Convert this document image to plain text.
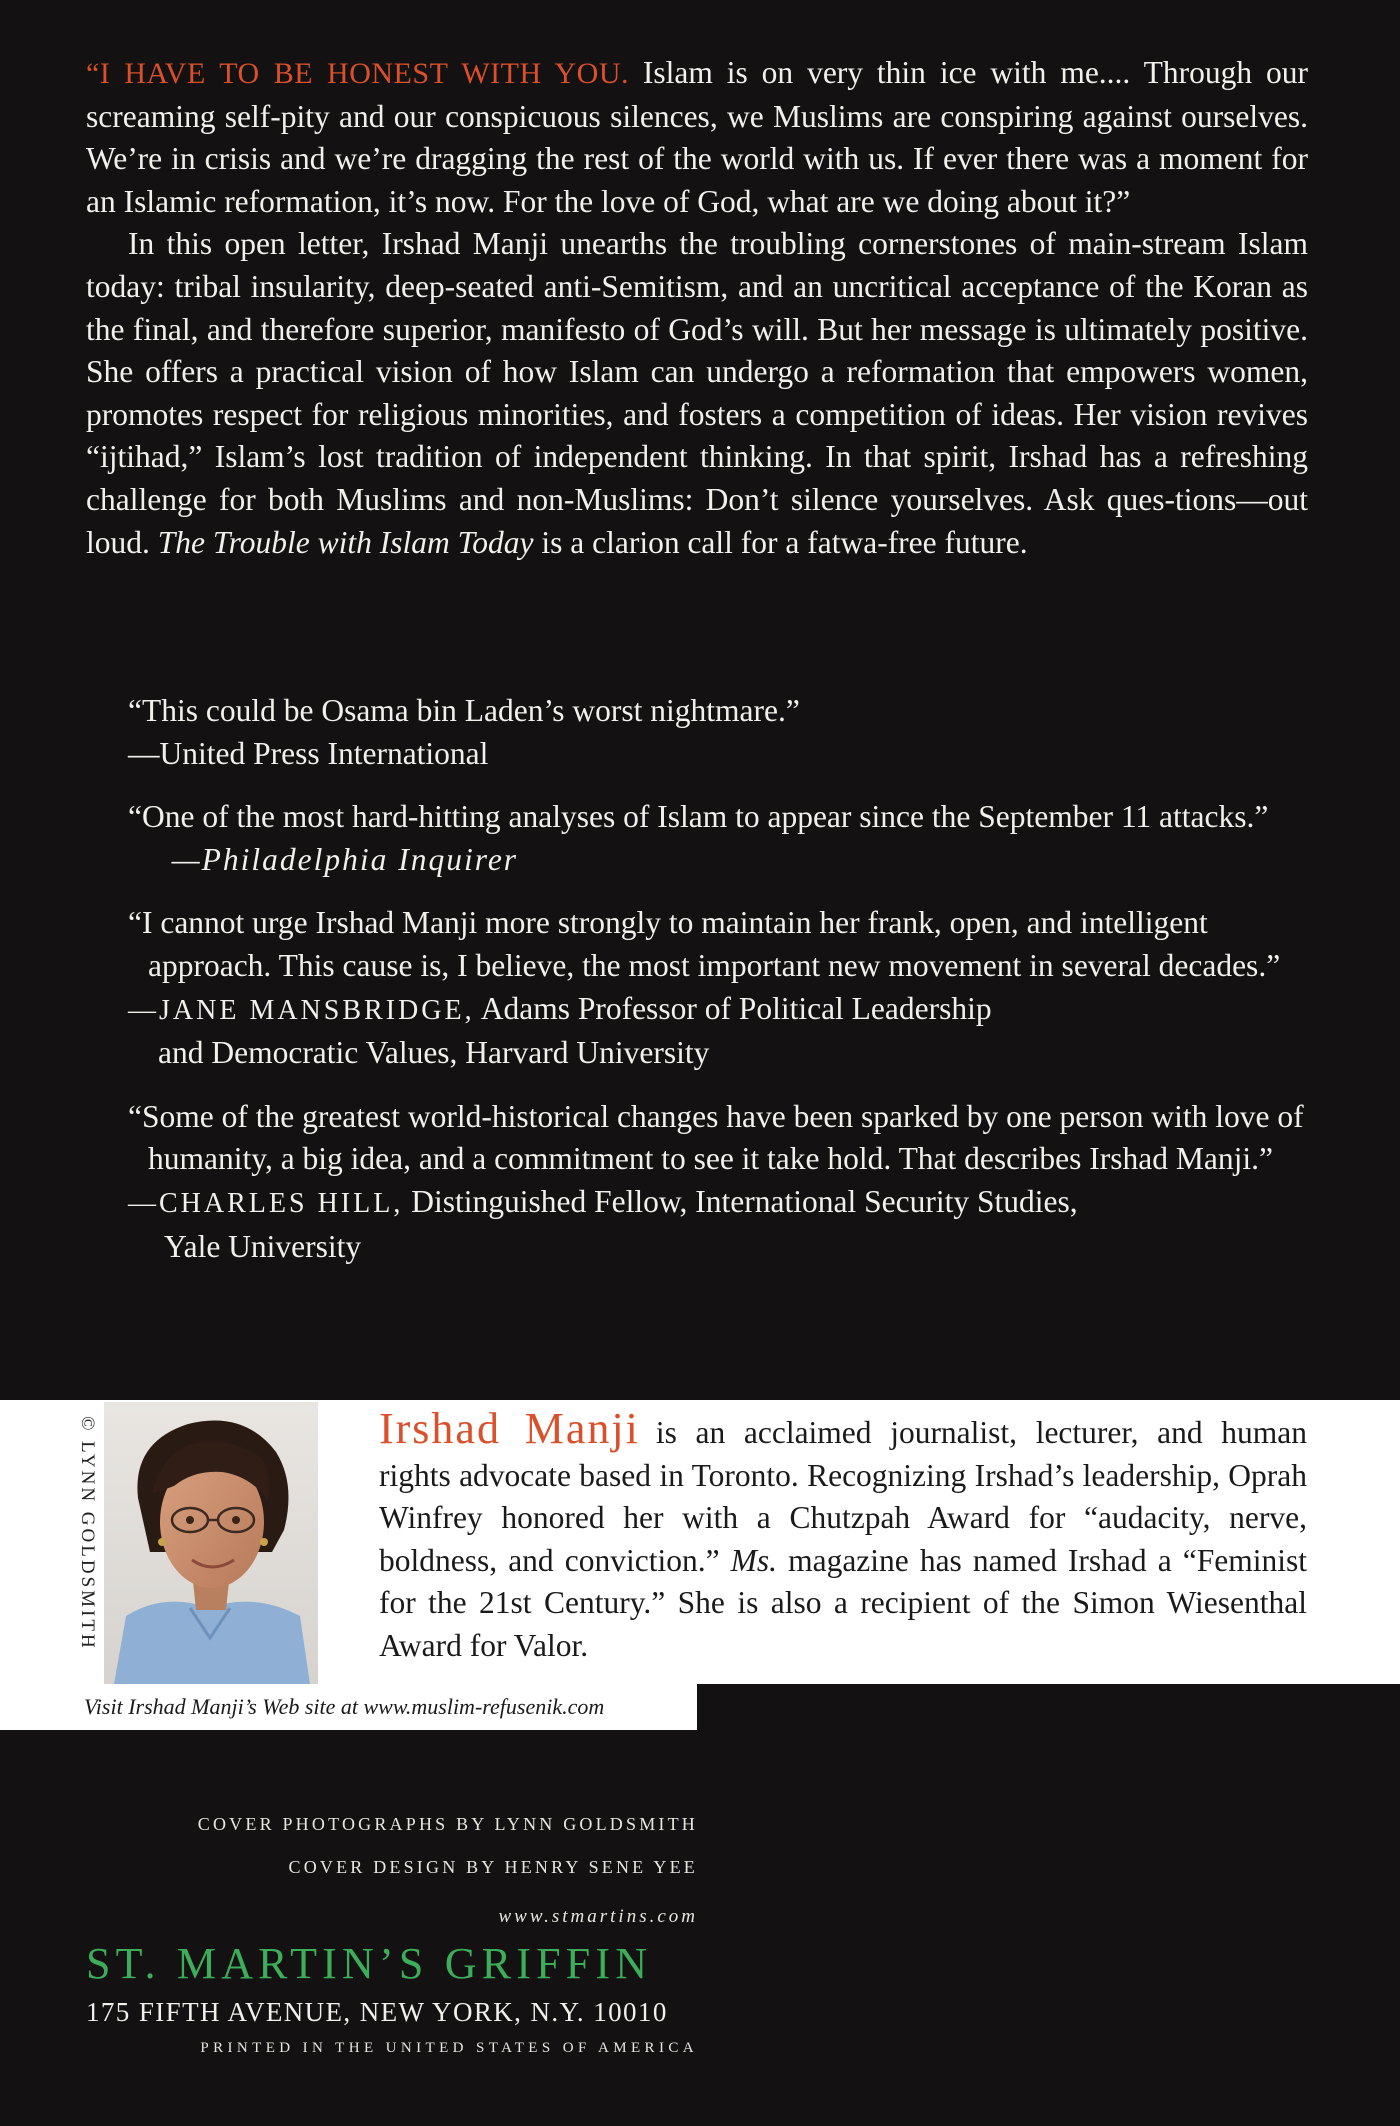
“I HAVE TO BE HONEST WITH YOU. Islam is on very thin ice with me.... Through our screaming self-pity and our conspicuous silences, we Muslims are conspiring against ourselves. We’re in crisis and we’re dragging the rest of the world with us. If ever there was a moment for an Islamic reformation, it’s now. For the love of God, what are we doing about it?”

In this open letter, Irshad Manji unearths the troubling cornerstones of main-stream Islam today: tribal insularity, deep-seated anti-Semitism, and an uncritical acceptance of the Koran as the final, and therefore superior, manifesto of God’s will. But her message is ultimately positive. She offers a practical vision of how Islam can undergo a reformation that empowers women, promotes respect for religious minorities, and fosters a competition of ideas. Her vision revives “ijtihad,” Islam’s lost tradition of independent thinking. In that spirit, Irshad has a refreshing challenge for both Muslims and non-Muslims: Don’t silence yourselves. Ask ques-tions—out loud. The Trouble with Islam Today is a clarion call for a fatwa-free future.

“This could be Osama bin Laden’s worst nightmare.”
—United Press International
“One of the most hard-hitting analyses of Islam to appear since the September 11 attacks.”    —Philadelphia Inquirer
“I cannot urge Irshad Manji more strongly to maintain her frank, open, and intelligent approach. This cause is, I believe, the most important new movement in several decades.”
—JANE MANSBRIDGE, Adams Professor of Political Leadership
and Democratic Values, Harvard University
“Some of the greatest world-historical changes have been sparked by one person with love of humanity, a big idea, and a commitment to see it take hold. That describes Irshad Manji.”
—CHARLES HILL, Distinguished Fellow, International Security Studies,
Yale University
© LYNN GOLDSMITH	Irshad Manji is an acclaimed journalist, lecturer, and human rights advocate based in Toronto. Recognizing Irshad’s leadership, Oprah Winfrey honored her with a Chutzpah Award for “audacity, nerve, boldness, and conviction.” Ms. magazine has named Irshad a “Feminist for the 21st Century.” She is also a recipient of the Simon Wiesenthal Award for Valor.

Visit Irshad Manji’s Web site at www.muslim-refusenik.com
COVER PHOTOGRAPHS BY LYNN GOLDSMITH
COVER DESIGN BY HENRY SENE YEE
www.stmartins.com
ST. MARTIN’S GRIFFIN
175 FIFTH AVENUE, NEW YORK, N.Y. 10010
PRINTED IN THE UNITED STATES OF AMERICA
